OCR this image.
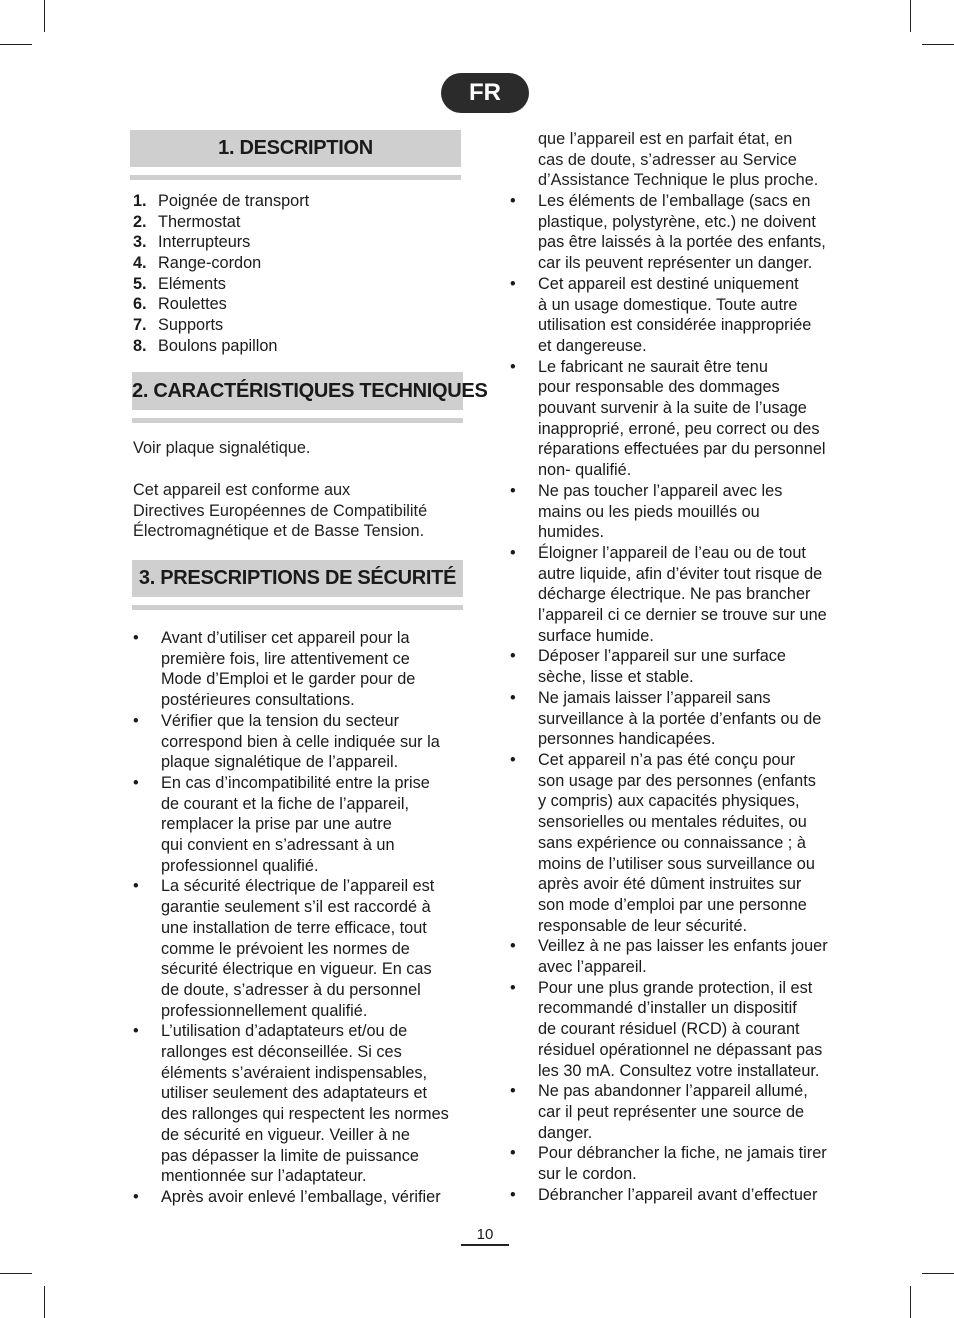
FR
1. DESCRIPTION
1. Poignée de transport
2. Thermostat
3. Interrupteurs
4. Range-cordon
5. Eléments
6. Roulettes
7. Supports
8. Boulons papillon
2. CARACTÉRISTIQUES TECHNIQUES

Voir plaque signalétique.

Cet appareil est conforme aux
Directives Européennes de Compatibilité
Électromagnétique et de Basse Tension.

3. PRESCRIPTIONS DE SÉCURITÉ
• Avant d’utiliser cet appareil pour la
première fois, lire attentivement ce
Mode d’Emploi et le garder pour de
postérieures consultations.
• Vérifier que la tension du secteur
correspond bien à celle indiquée sur la
plaque signalétique de l’appareil.
• En cas d’incompatibilité entre la prise
de courant et la fiche de l’appareil,
remplacer la prise par une autre
qui convient en s’adressant à un
professionnel qualifié.
• La sécurité électrique de l’appareil est
garantie seulement s’il est raccordé à
une installation de terre efficace, tout
comme le prévoient les normes de
sécurité électrique en vigueur. En cas
de doute, s’adresser à du personnel
professionnellement qualifié.
• L’utilisation d’adaptateurs et/ou de
rallonges est déconseillée. Si ces
éléments s’avéraient indispensables,
utiliser seulement des adaptateurs et
des rallonges qui respectent les normes
de sécurité en vigueur. Veiller à ne
pas dépasser la limite de puissance
mentionnée sur l’adaptateur.
• Après avoir enlevé l’emballage, vérifier

que l’appareil est en parfait état, en
cas de doute, s’adresser au Service
d’Assistance Technique le plus proche.

• Les éléments de l’emballage (sacs en
plastique, polystyrène, etc.) ne doivent
pas être laissés à la portée des enfants,
car ils peuvent représenter un danger.
• Cet appareil est destiné uniquement
à un usage domestique. Toute autre
utilisation est considérée inappropriée
et dangereuse.
• Le fabricant ne saurait être tenu
pour responsable des dommages
pouvant survenir à la suite de l’usage
inapproprié, erroné, peu correct ou des
réparations effectuées par du personnel
non- qualifié.
• Ne pas toucher l’appareil avec les
mains ou les pieds mouillés ou
humides.
• Éloigner l’appareil de l’eau ou de tout
autre liquide, afin d’éviter tout risque de
décharge électrique. Ne pas brancher
l’appareil ci ce dernier se trouve sur une
surface humide.
• Déposer l’appareil sur une surface
sèche, lisse et stable.
• Ne jamais laisser l’appareil sans
surveillance à la portée d’enfants ou de
personnes handicapées.
• Cet appareil n’a pas été conçu pour
son usage par des personnes (enfants
y compris) aux capacités physiques,
sensorielles ou mentales réduites, ou
sans expérience ou connaissance ; à
moins de l’utiliser sous surveillance ou
après avoir été dûment instruites sur
son mode d’emploi par une personne
responsable de leur sécurité.
• Veillez à ne pas laisser les enfants jouer
avec l’appareil.
• Pour une plus grande protection, il est
recommandé d’installer un dispositif
de courant résiduel (RCD) à courant
résiduel opérationnel ne dépassant pas
les 30 mA. Consultez votre installateur.
• Ne pas abandonner l’appareil allumé,
car il peut représenter une source de
danger.
• Pour débrancher la fiche, ne jamais tirer
sur le cordon.
• Débrancher l’appareil avant d’effectuer
10
